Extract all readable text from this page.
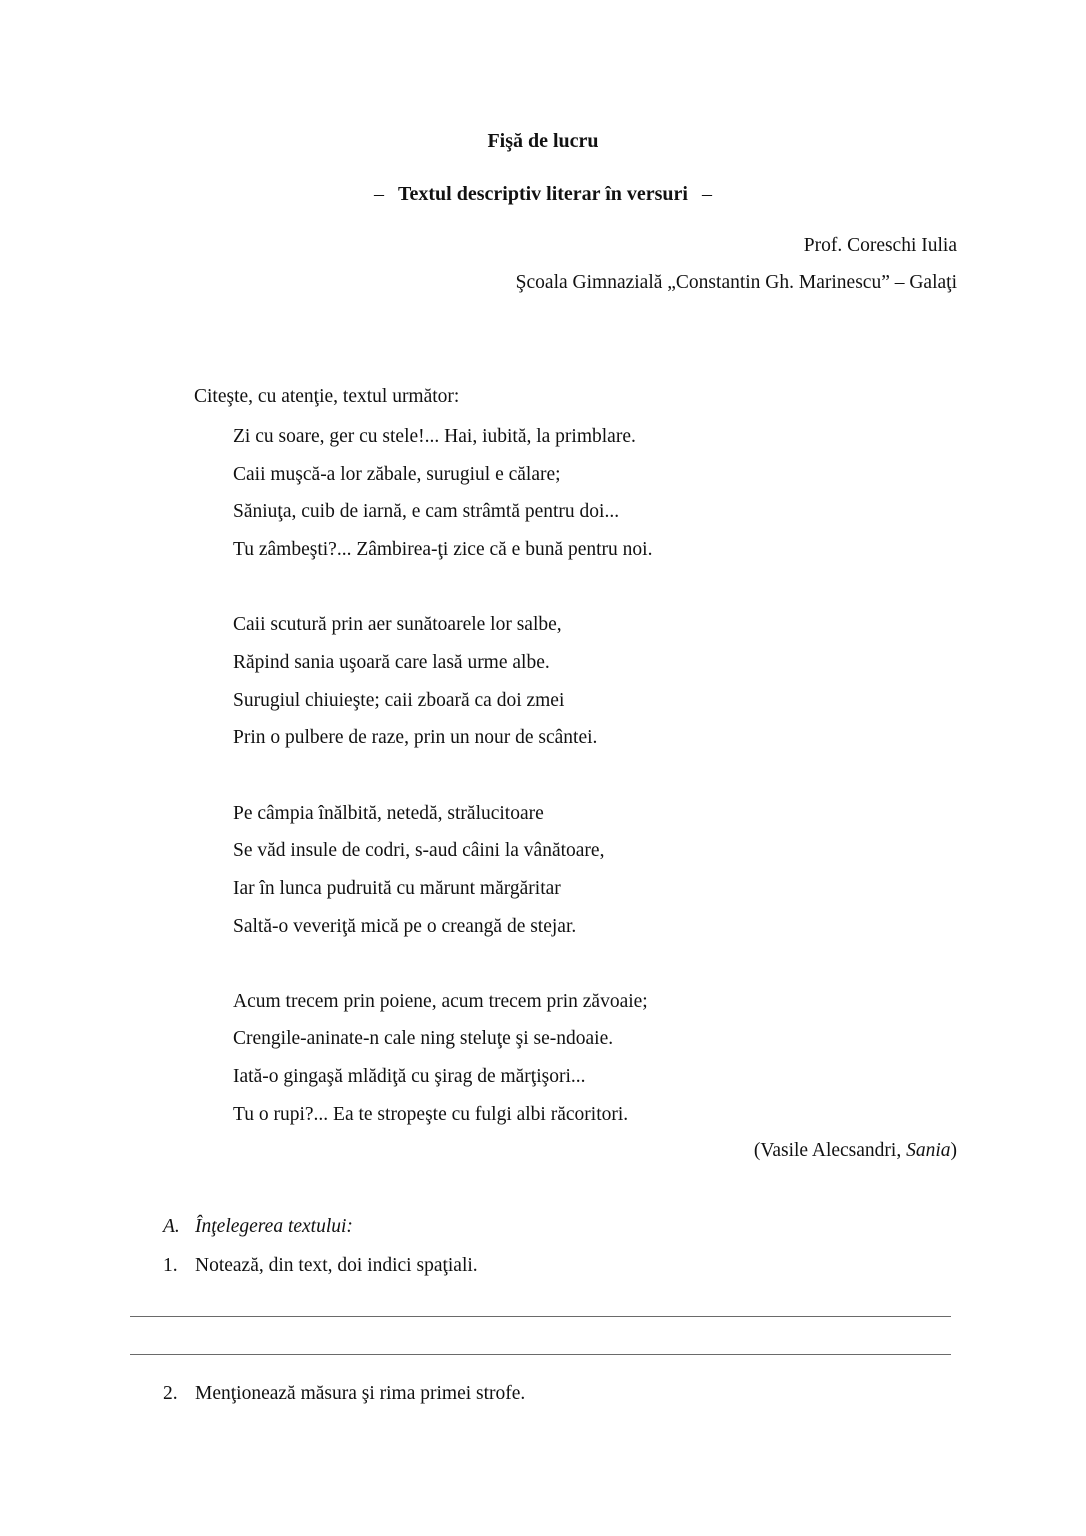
Fişă de lucru
– Textul descriptiv literar în versuri –
Prof. Coreschi Iulia
Şcoala Gimnazială „Constantin Gh. Marinescu” – Galaţi
Citeşte, cu atenţie, textul următor:
Zi cu soare, ger cu stele!... Hai, iubită, la primblare.
Caii muşcă-a lor zăbale, surugiul e călare;
Săniuţa, cuib de iarnă, e cam strâmtă pentru doi...
Tu zâmbeşti?... Zâmbirea-ţi zice că e bună pentru noi.
Caii scutură prin aer sunătoarele lor salbe,
Răpind sania uşoară care lasă urme albe.
Surugiul chiuieşte; caii zboară ca doi zmei
Prin o pulbere de raze, prin un nour de scântei.
Pe câmpia înălbită, netedă, strălucitoare
Se văd insule de codri, s-aud câini la vânătoare,
Iar în lunca pudruită cu mărunt mărgăritar
Saltă-o veveriţă mică pe o creangă de stejar.
Acum trecem prin poiene, acum trecem prin zăvoaie;
Crengile-aninate-n cale ning steluţe şi se-ndoaie.
Iată-o gingaşă mlădiţă cu şirag de mărţişori...
Tu o rupi?... Ea te stropeşte cu fulgi albi răcoritori.
(Vasile Alecsandri, Sania)
A. Înţelegerea textului:
1. Notează, din text, doi indici spaţiali.
2. Menţionează măsura şi rima primei strofe.
